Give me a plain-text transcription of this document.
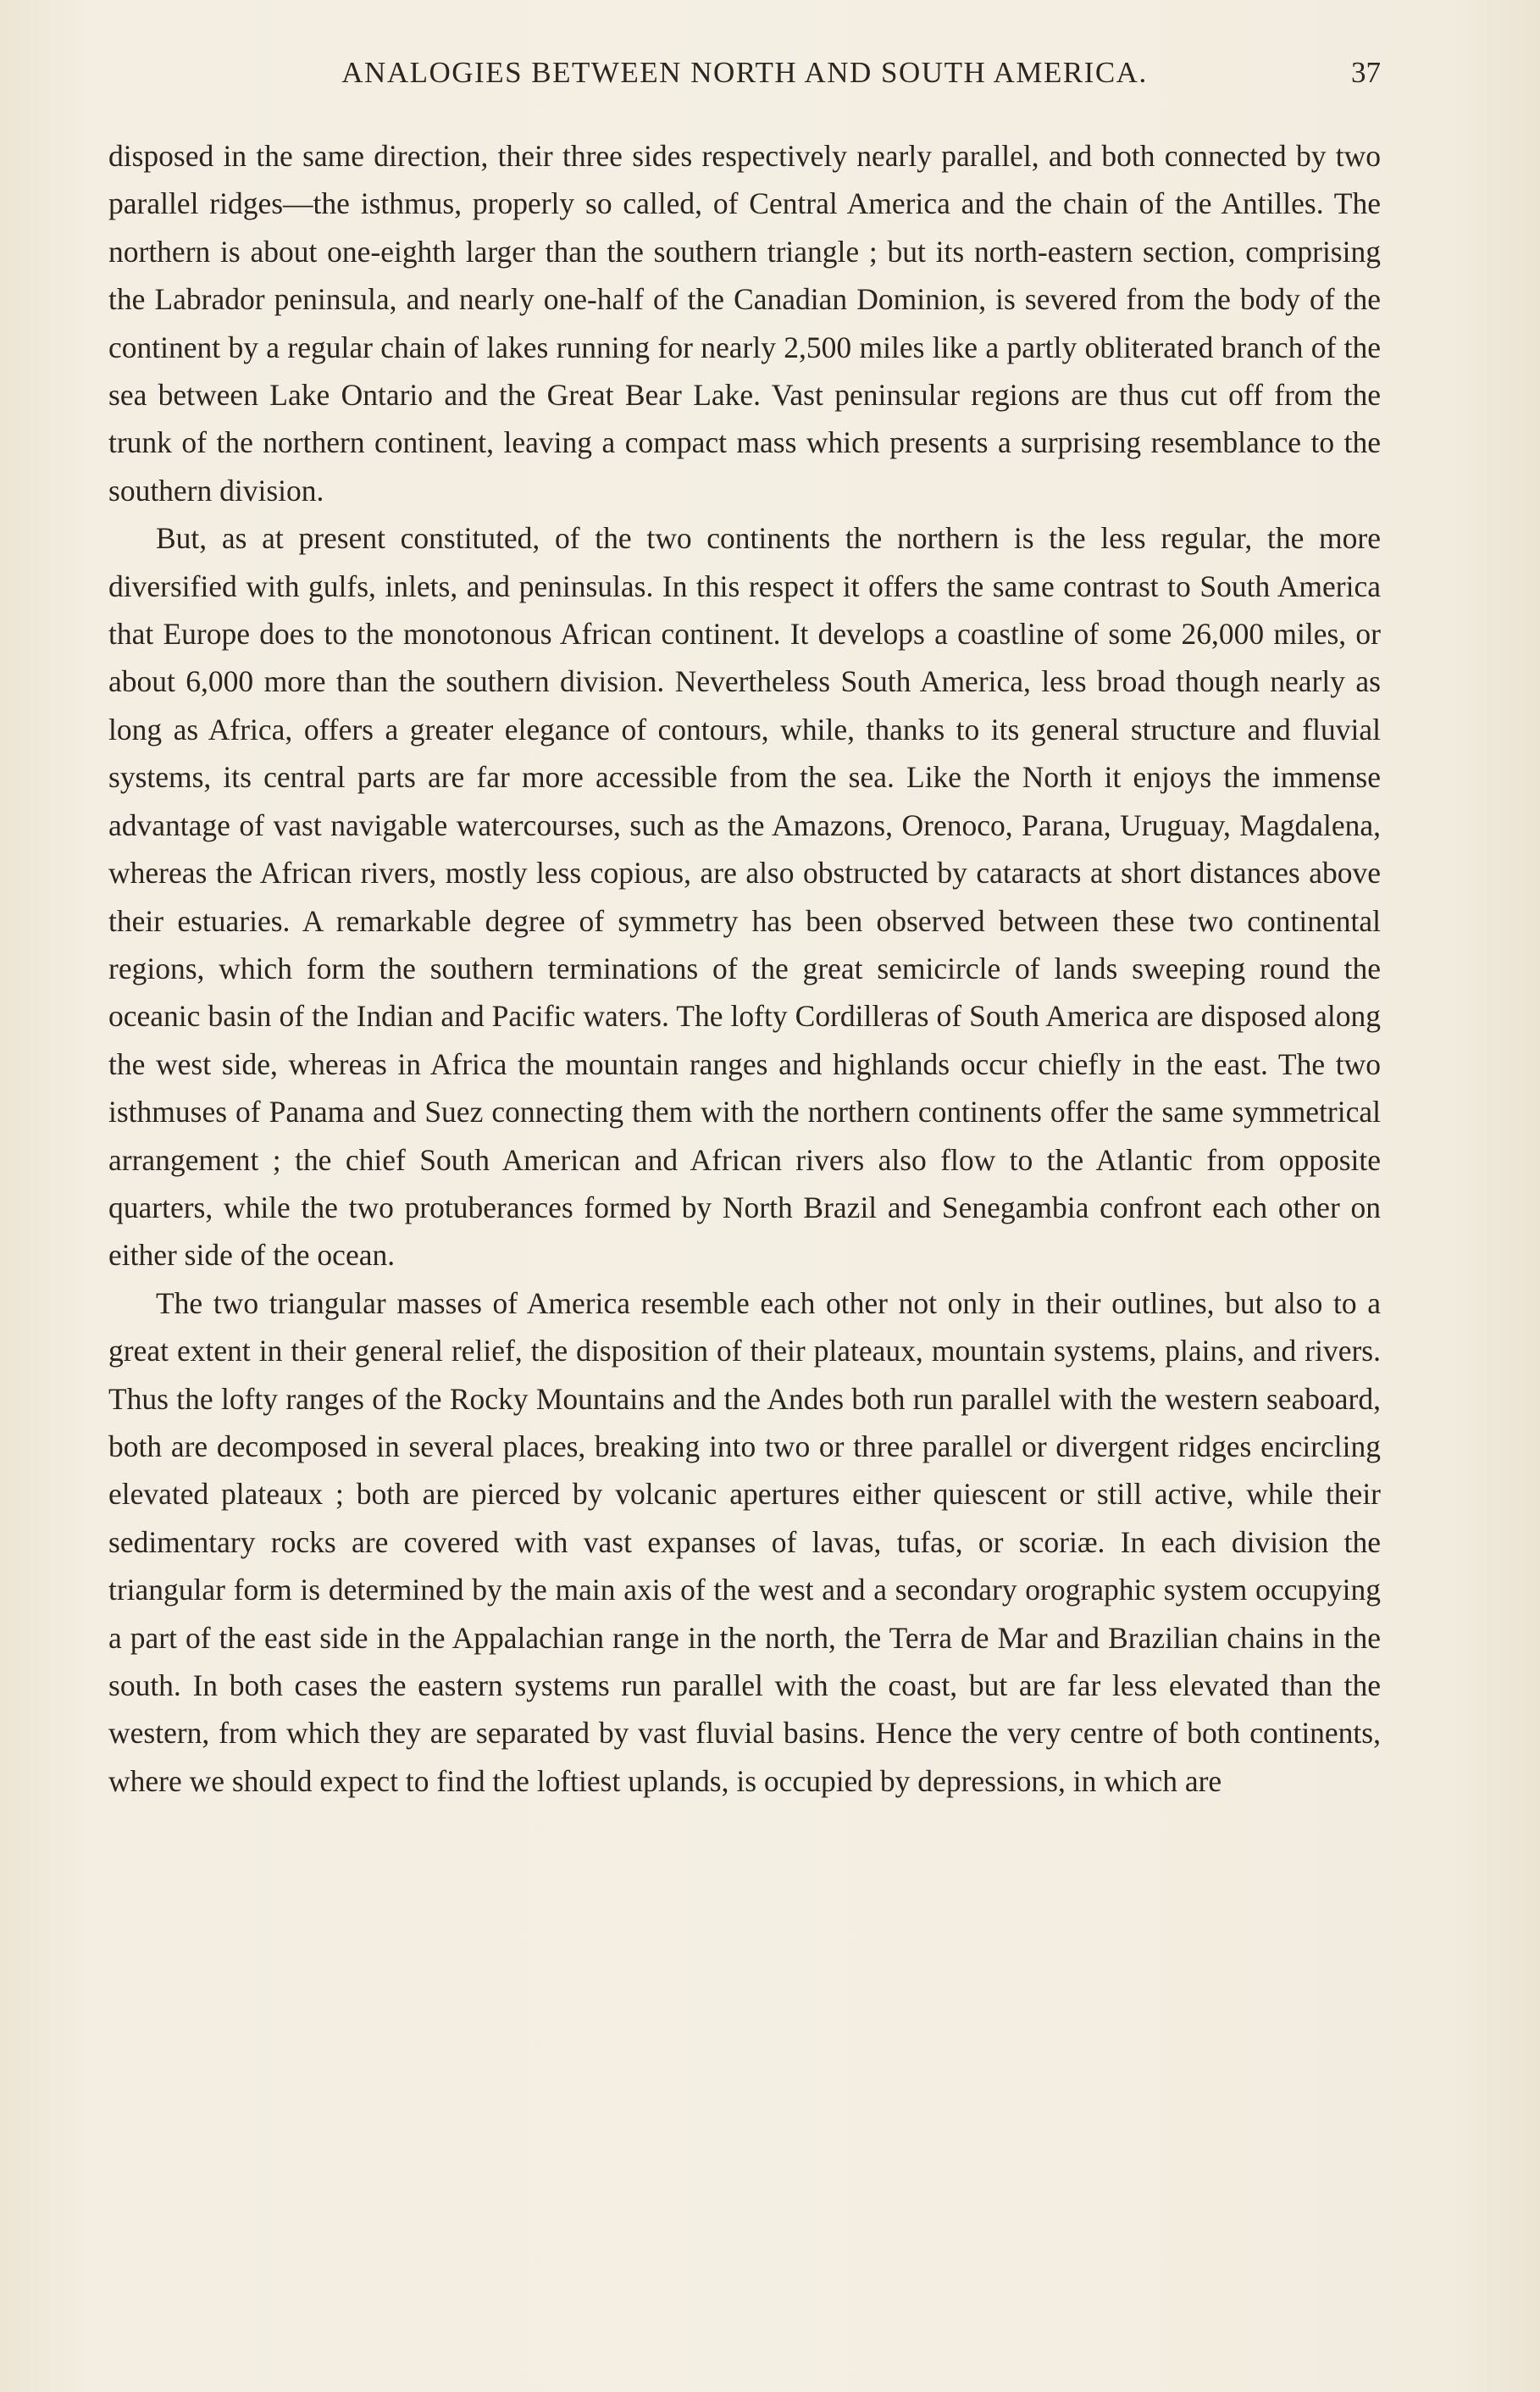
ANALOGIES BETWEEN NORTH AND SOUTH AMERICA.	37

disposed in the same direction, their three sides respectively nearly parallel, and both connected by two parallel ridges—the isthmus, properly so called, of Central America and the chain of the Antilles. The northern is about one-eighth larger than the southern triangle ; but its north-eastern section, comprising the Labrador peninsula, and nearly one-half of the Canadian Dominion, is severed from the body of the continent by a regular chain of lakes running for nearly 2,500 miles like a partly obliterated branch of the sea between Lake Ontario and the Great Bear Lake. Vast peninsular regions are thus cut off from the trunk of the northern continent, leaving a compact mass which presents a surprising resemblance to the southern division.

But, as at present constituted, of the two continents the northern is the less regular, the more diversified with gulfs, inlets, and peninsulas. In this respect it offers the same contrast to South America that Europe does to the monotonous African continent. It develops a coastline of some 26,000 miles, or about 6,000 more than the southern division. Nevertheless South America, less broad though nearly as long as Africa, offers a greater elegance of contours, while, thanks to its general structure and fluvial systems, its central parts are far more accessible from the sea. Like the North it enjoys the immense advantage of vast navigable watercourses, such as the Amazons, Orenoco, Parana, Uruguay, Magdalena, whereas the African rivers, mostly less copious, are also obstructed by cataracts at short distances above their estuaries. A remarkable degree of symmetry has been observed between these two continental regions, which form the southern terminations of the great semicircle of lands sweeping round the oceanic basin of the Indian and Pacific waters. The lofty Cordilleras of South America are disposed along the west side, whereas in Africa the mountain ranges and highlands occur chiefly in the east. The two isthmuses of Panama and Suez connecting them with the northern continents offer the same symmetrical arrangement ; the chief South American and African rivers also flow to the Atlantic from opposite quarters, while the two protuberances formed by North Brazil and Senegambia confront each other on either side of the ocean.

The two triangular masses of America resemble each other not only in their outlines, but also to a great extent in their general relief, the disposition of their plateaux, mountain systems, plains, and rivers. Thus the lofty ranges of the Rocky Mountains and the Andes both run parallel with the western seaboard, both are decomposed in several places, breaking into two or three parallel or divergent ridges encircling elevated plateaux ; both are pierced by volcanic apertures either quiescent or still active, while their sedimentary rocks are covered with vast expanses of lavas, tufas, or scoriæ. In each division the triangular form is determined by the main axis of the west and a secondary orographic system occupying a part of the east side in the Appalachian range in the north, the Terra de Mar and Brazilian chains in the south. In both cases the eastern systems run parallel with the coast, but are far less elevated than the western, from which they are separated by vast fluvial basins. Hence the very centre of both continents, where we should expect to find the loftiest uplands, is occupied by depressions, in which are
